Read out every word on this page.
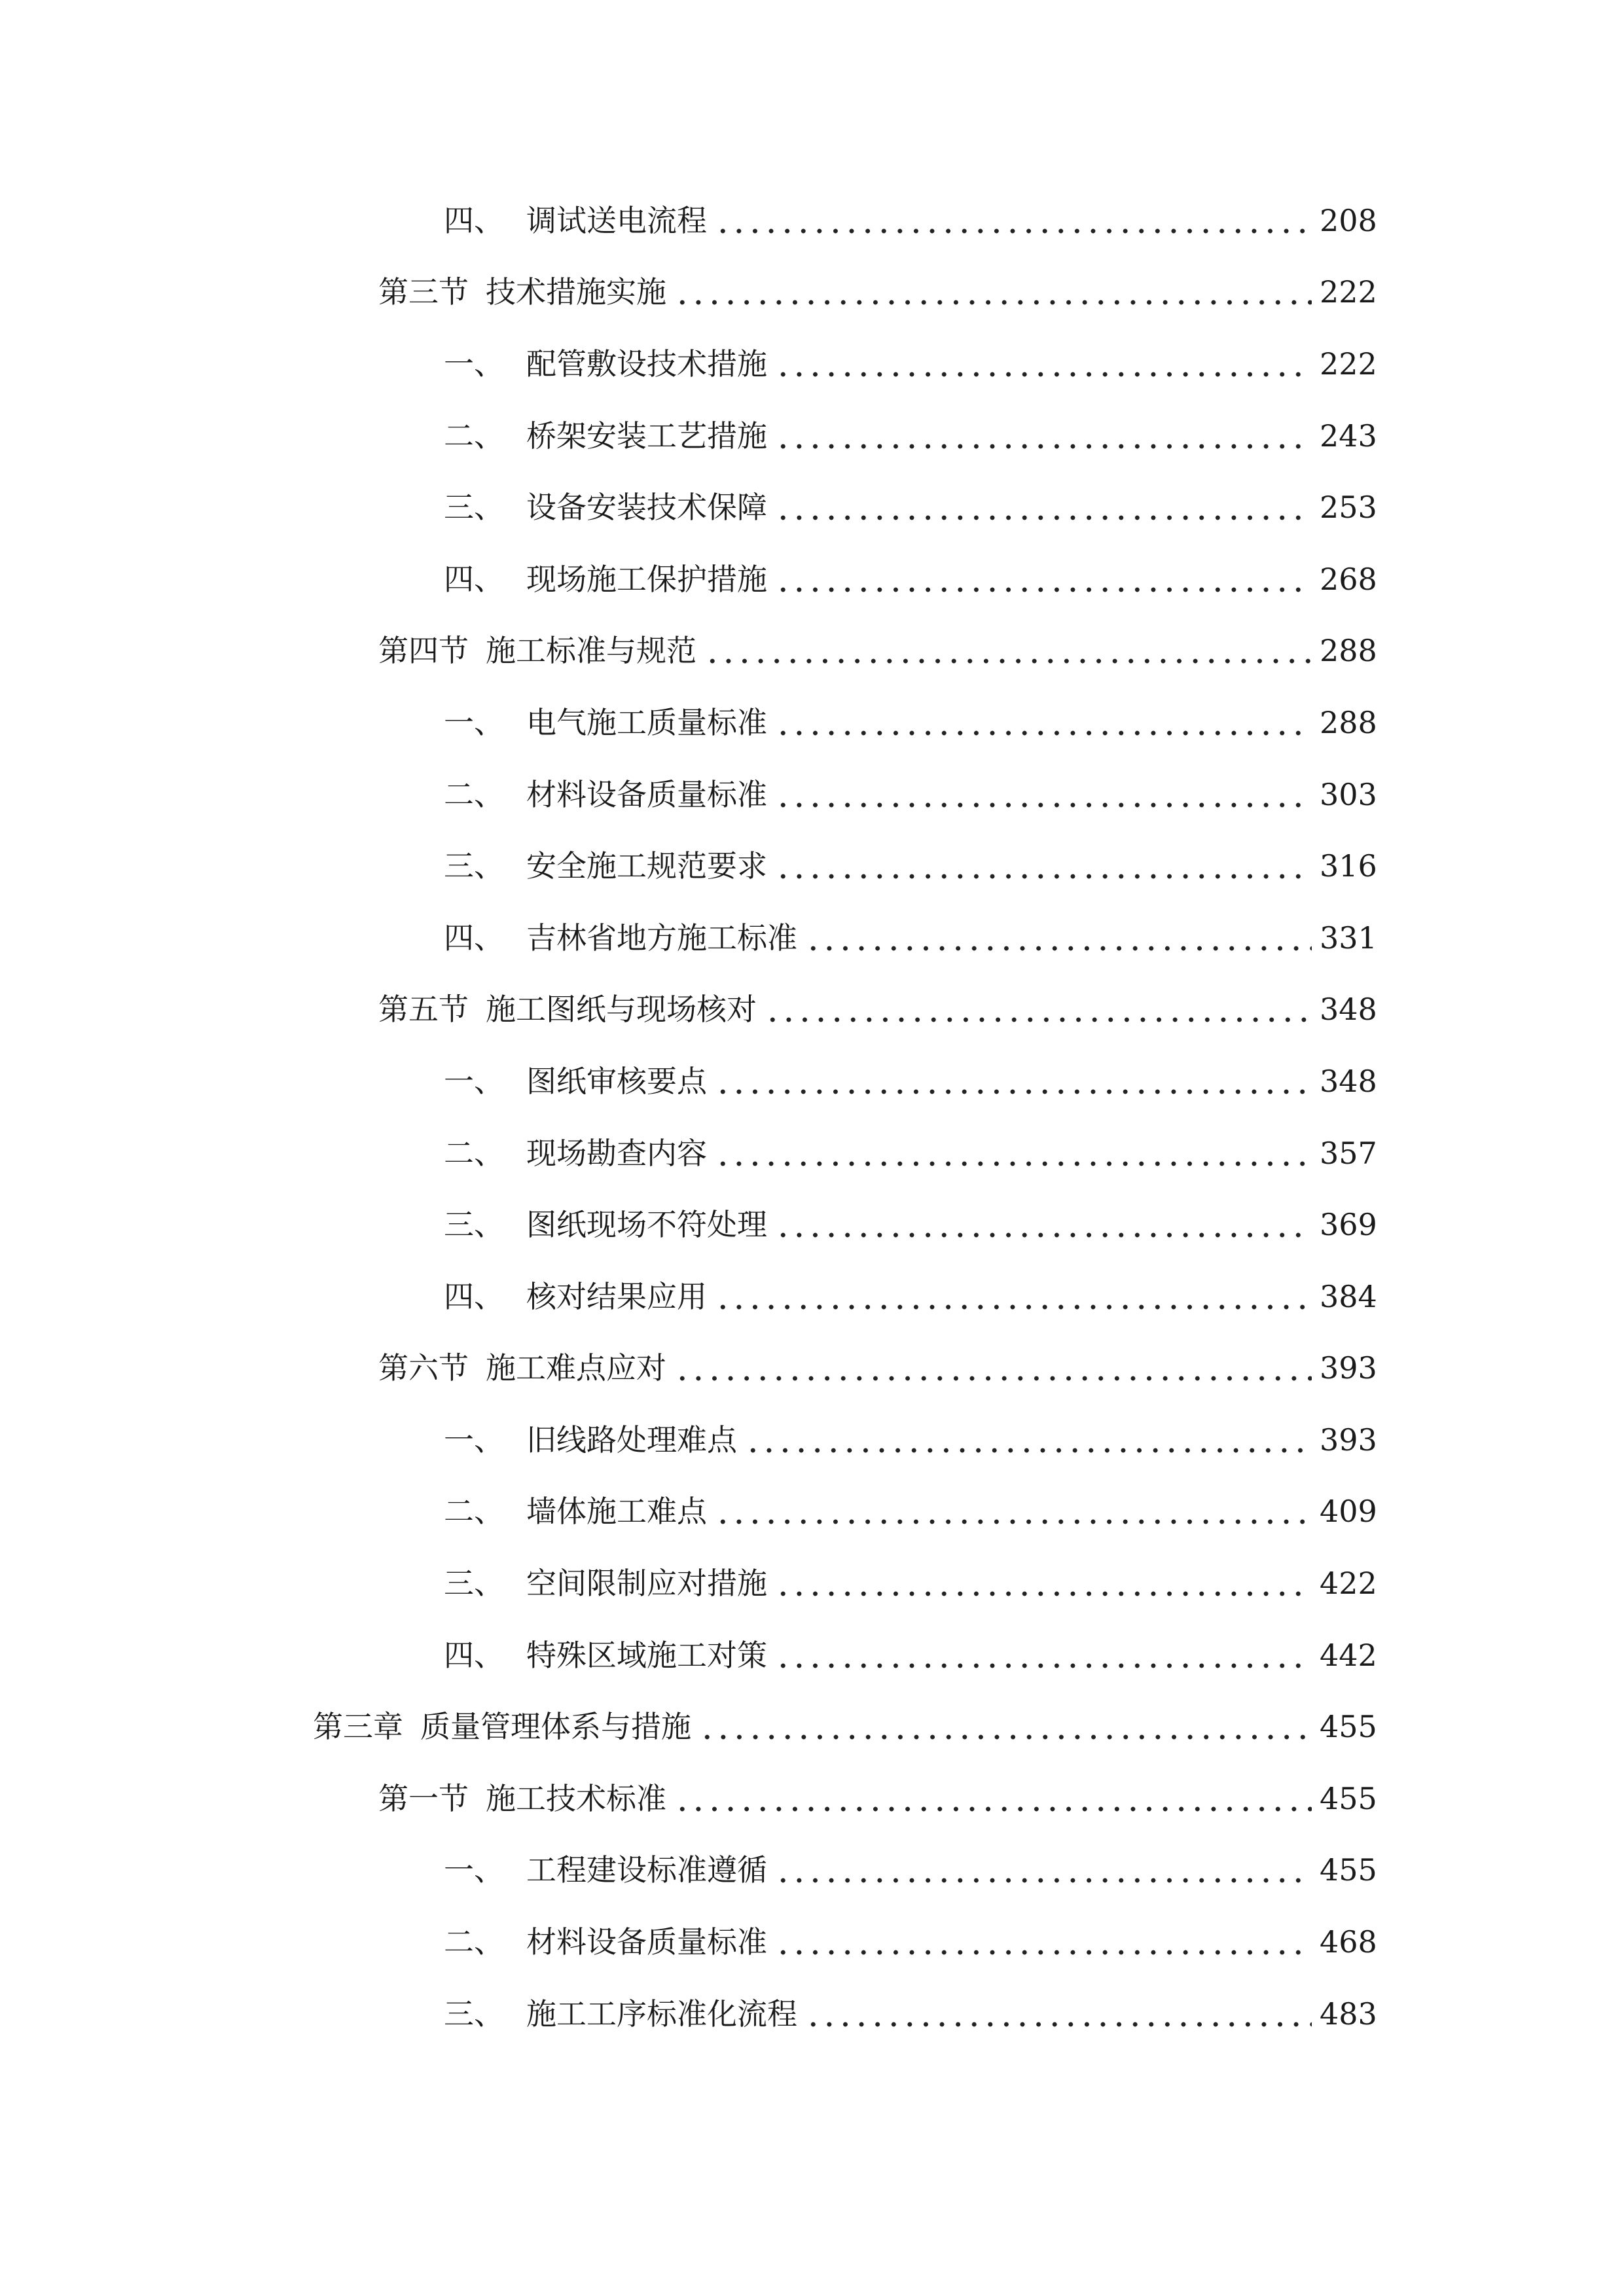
四、 调试送电流程	208
第三节 技术措施实施	222
一、 配管敷设技术措施	222
二、 桥架安装工艺措施	243
三、 设备安装技术保障	253
四、 现场施工保护措施	268
第四节 施工标准与规范	288
一、 电气施工质量标准	288
二、 材料设备质量标准	303
三、 安全施工规范要求	316
四、 吉林省地方施工标准	331
第五节 施工图纸与现场核对	348
一、 图纸审核要点	348
二、 现场勘查内容	357
三、 图纸现场不符处理	369
四、 核对结果应用	384
第六节 施工难点应对	393
一、 旧线路处理难点	393
二、 墙体施工难点	409
三、 空间限制应对措施	422
四、 特殊区域施工对策	442
第三章 质量管理体系与措施	455
第一节 施工技术标准	455
一、 工程建设标准遵循	455
二、 材料设备质量标准	468
三、 施工工序标准化流程	483
